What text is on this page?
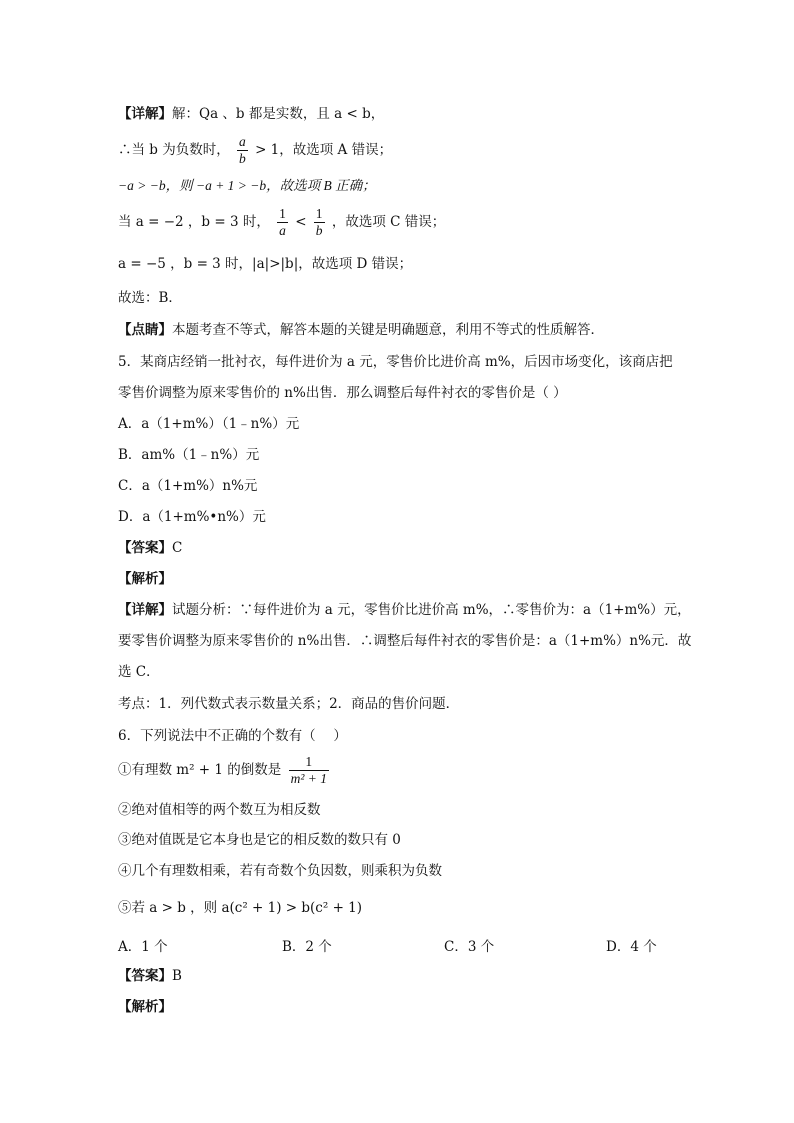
【详解】解：Qa 、b 都是实数，且 a < b，
∴当 b 为负数时， $\frac{a}{b} > 1$，故选项 A 错误；
−a > −b，则 −a + 1 > −b，故选项 B 正确；
当 a = −2 ，b = 3 时， $\frac{1}{a} < \frac{1}{b}$ ，故选项 C 错误；
a = −5 ，b = 3 时，|a|>|b|，故选项 D 错误；
故选：B．
【点睛】本题考查不等式，解答本题的关键是明确题意，利用不等式的性质解答．
5．某商店经销一批衬衣，每件进价为 a 元，零售价比进价高 m%，后因市场变化，该商店把
零售价调整为原来零售价的 n%出售．那么调整后每件衬衣的零售价是（ ）
A．a（1+m%）（1﹣n%）元
B．am%（1﹣n%）元
C．a（1+m%）n%元
D．a（1+m%•n%）元
【答案】C
【解析】
【详解】试题分析：∵每件进价为 a 元，零售价比进价高 m%，∴零售价为：a（1+m%）元，
要零售价调整为原来零售价的 n%出售．∴调整后每件衬衣的零售价是：a（1+m%）n%元．故
选 C．
考点：1．列代数式表示数量关系；2．商品的售价问题．
6．下列说法中不正确的个数有（　 ）
①有理数 m² + 1 的倒数是 $\frac{1}{\text{m² + 1}}$
②绝对值相等的两个数互为相反数
③绝对值既是它本身也是它的相反数的数只有 0
④几个有理数相乘，若有奇数个负因数，则乘积为负数
⑤若 a > b ，则 a(c² + 1) > b(c² + 1)
A．1 个	B．2 个	C．3 个	D．4 个
【答案】B
【解析】
